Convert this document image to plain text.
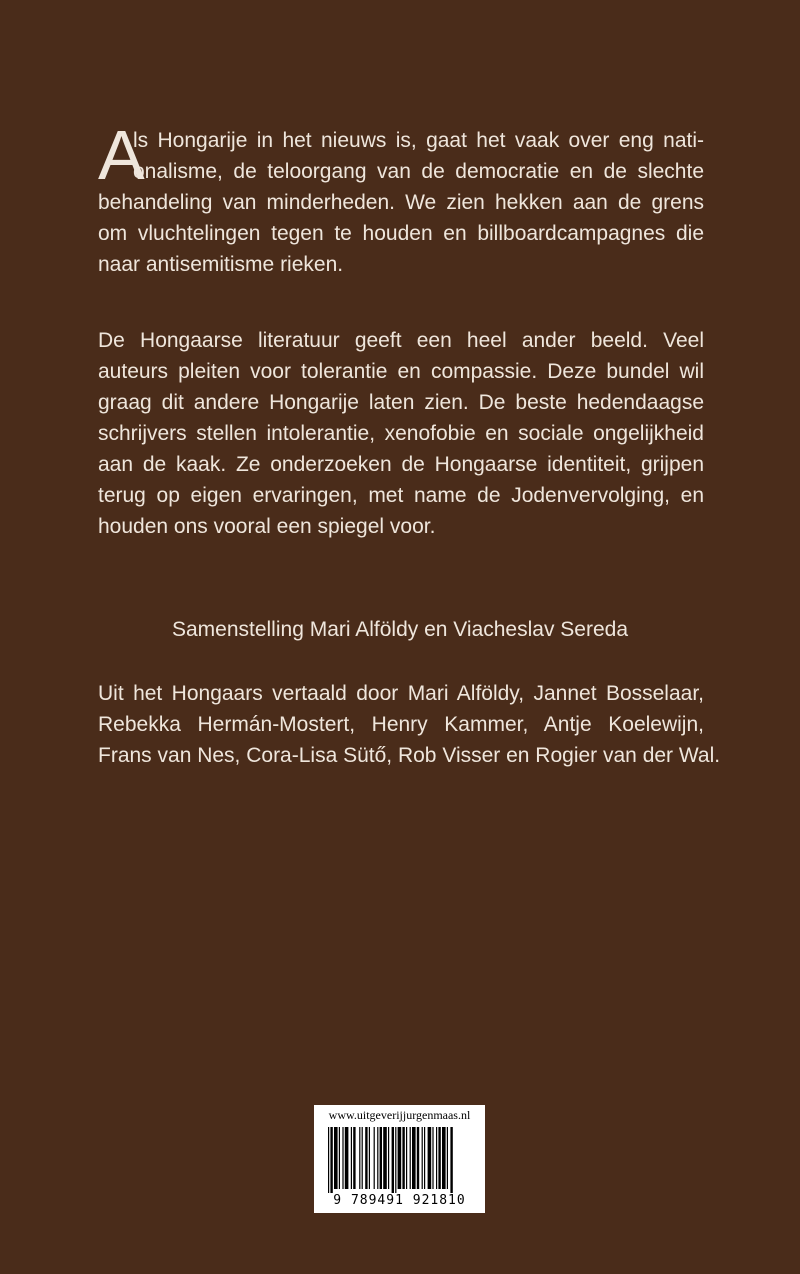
A
ls Hongarije in het nieuws is, gaat het vaak over eng nati-
onalisme, de teloorgang van de democratie en de slechte
behandeling van minderheden. We zien hekken aan de grens
om vluchtelingen tegen te houden en billboardcampagnes die
naar antisemitisme rieken.
De Hongaarse literatuur geeft een heel ander beeld. Veel
auteurs pleiten voor tolerantie en compassie. Deze bundel wil
graag dit andere Hongarije laten zien. De beste hedendaagse
schrijvers stellen intolerantie, xenofobie en sociale ongelijkheid
aan de kaak. Ze onderzoeken de Hongaarse identiteit, grijpen
terug op eigen ervaringen, met name de Jodenvervolging, en
houden ons vooral een spiegel voor.
Samenstelling Mari Alföldy en Viacheslav Sereda
Uit het Hongaars vertaald door Mari Alföldy, Jannet Bosselaar,
Rebekka Hermán-Mostert, Henry Kammer, Antje Koelewijn,
Frans van Nes, Cora-Lisa Sütő, Rob Visser en Rogier van der Wal.
www.uitgeverijjurgenmaas.nl
9 789491 921810
